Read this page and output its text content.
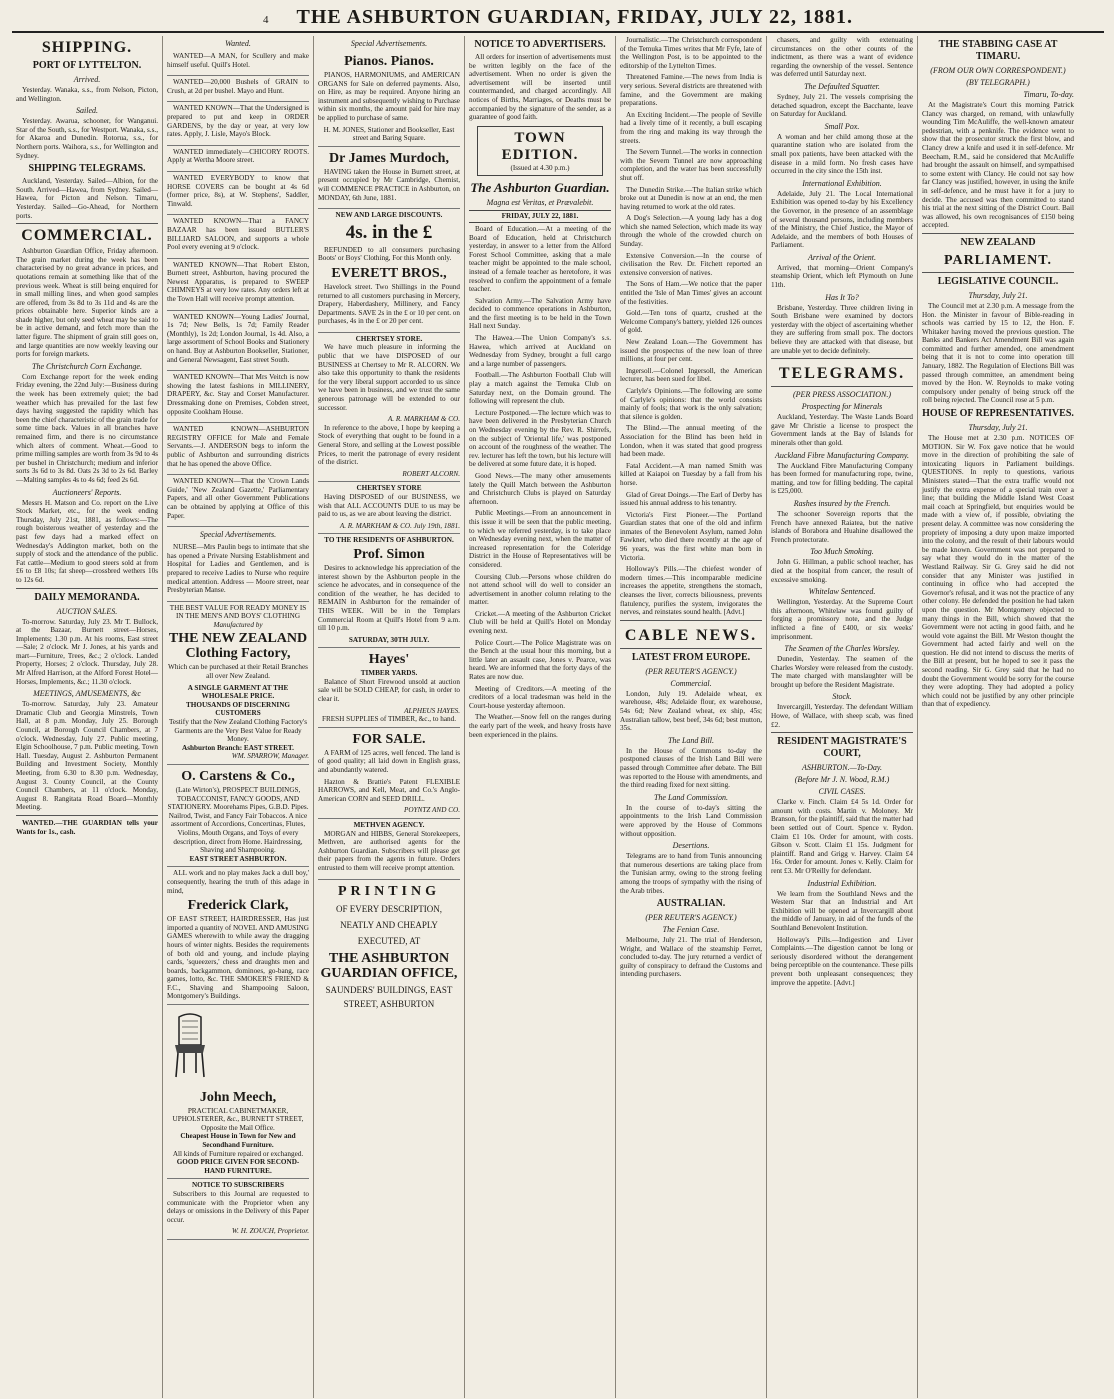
4 THE ASHBURTON GUARDIAN, FRIDAY, JULY 22, 1881.
SHIPPING.
PORT OF LYTTELTON.
Arrived.

Yesterday. Wanaka, s.s., from Nelson, Picton, and Wellington.

Sailed.

Yesterday. Awarua, schooner, for Wanganui. Star of the South, s.s., for Westport. Wanaka, s.s., for Akaroa and Dunedin. Rotorua, s.s., for Northern ports. Waihora, s.s., for Wellington and Sydney.

SHIPPING TELEGRAMS.

Auckland, Yesterday. Sailed—Albion, for the South. Arrived—Hawea, from Sydney. Sailed—Hawea, for Picton and Nelson. Timaru, Yesterday. Sailed—Go-Ahead, for Northern ports.

COMMERCIAL.

Ashburton Guardian Office, Friday afternoon. The grain market during the week has been characterised by no great advance in prices, and quotations remain at something like that of the previous week. Wheat is still being enquired for in small milling lines, and when good samples are offered, from 3s 8d to 3s 11d and 4s are the prices obtainable here. Superior kinds are a shade higher, but only seed wheat may be said to be in active demand, and fetch more than the latter figure. The shipment of grain still goes on, and large quantities are now weekly leaving our ports for foreign markets.

The Christchurch Corn Exchange.

Corn Exchange report for the week ending Friday evening, the 22nd July:—Business during the week has been extremely quiet; the bad weather which has prevailed for the last few days having suggested the rapidity which has been the chief characteristic of the grain trade for some time back. Values in all branches have remained firm, and there is no circumstance which alters of comment. Wheat.—Good to prime milling samples are worth from 3s 9d to 4s per bushel in Christchurch; medium and inferior sorts 3s 6d to 3s 8d. Oats 2s 3d to 2s 6d. Barley—Malting samples 4s to 4s 6d; feed 2s 6d.

Auctioneers' Reports.

Messrs H. Matson and Co. report on the Live Stock Market, etc., for the week ending Thursday, July 21st, 1881, as follows:—The rough boisterous weather of yesterday and the past few days had a marked effect on Wednesday's Addington market, both on the supply of stock and the attendance of the public. Fat cattle—Medium to good steers sold at from £6 to £8 10s; fat sheep—crossbred wethers 10s to 12s 6d.

DAILY MEMORANDA.
AUCTION SALES.

To-morrow. Saturday, July 23. Mr T. Bullock, at the Bazaar, Burnett street—Horses, Implements; 1.30 p.m. At his rooms, East street—Sale; 2 o'clock. Mr J. Jones, at his yards and mart—Furniture, Trees, &c.; 2 o'clock. Landed Property, Horses; 2 o'clock. Thursday, July 28. Mr Alfred Harrison, at the Alford Forest Hotel—Horses, Implements, &c.; 11.30 o'clock.

MEETINGS, AMUSEMENTS, &c

To-morrow. Saturday, July 23. Amateur Dramatic Club and Georgia Minstrels, Town Hall, at 8 p.m. Monday, July 25. Borough Council, at Borough Council Chambers, at 7 o'clock. Wednesday, July 27. Public meeting, Elgin Schoolhouse, 7 p.m. Public meeting, Town Hall. Tuesday, August 2. Ashburton Permanent Building and Investment Society, Monthly Meeting, from 6.30 to 8.30 p.m. Wednesday, August 3. County Council, at the County Council Chambers, at 11 o'clock. Monday, August 8. Rangitata Road Board—Monthly Meeting.

WANTED.—THE GUARDIAN tells your Wants for 1s., cash.

Wanted.

WANTED—A MAN, for Scullery and make himself useful. Quill's Hotel.

WANTED—20,000 Bushels of GRAIN to Crush, at 2d per bushel. Mayo and Hunt.

WANTED KNOWN—That the Undersigned is prepared to put and keep in ORDER GARDENS, by the day or year, at very low rates. Apply, J. Lisle, Mayo's Block.

WANTED immediately—CHICORY ROOTS. Apply at Wertha Moore street.

WANTED EVERYBODY to know that HORSE COVERS can be bought at 4s 6d (former price, 8s), at W. Stephens', Saddler, Tinwald.

WANTED KNOWN—That a FANCY BAZAAR has been issued BUTLER'S BILLIARD SALOON, and supports a whole Pool every evening at 9 o'clock.

WANTED KNOWN—That Robert Elston, Burnett street, Ashburton, having procured the Newest Apparatus, is prepared to SWEEP CHIMNEYS at very low rates. Any orders left at the Town Hall will receive prompt attention.

WANTED KNOWN—Young Ladies' Journal, 1s 7d; New Bells, 1s 7d; Family Reader (Monthly), 1s 2d; London Journal, 1s 4d. Also, a large assortment of School Books and Stationery on hand. Buy at Ashburton Bookseller, Stationer, and General Newsagent, East street South.

WANTED KNOWN—That Mrs Veitch is now showing the latest fashions in MILLINERY, DRAPERY, &c. Stay and Corset Manufacturer. Dressmaking done on Premises, Cobden street, opposite Cookham House.

WANTED KNOWN—ASHBURTON REGISTRY OFFICE for Male and Female Servants.—J. ANDERSON begs to inform the public of Ashburton and surrounding districts that he has opened the above Office.

WANTED KNOWN—That the 'Crown Lands Guide,' 'New Zealand Gazette,' Parliamentary Papers, and all other Government Publications can be obtained by applying at Office of this Paper.

Special Advertisements.

NURSE—Mrs Paulin begs to intimate that she has opened a Private Nursing Establishment and Hospital for Ladies and Gentlemen, and is prepared to receive Ladies to Nurse who require medical attention. Address — Moore street, near Presbyterian Manse.

THE BEST VALUE FOR READY MONEY IS IN THE MEN'S AND BOYS' CLOTHING
Manufactured by
THE NEW ZEALAND Clothing Factory,
Which can be purchased at their Retail Branches all over New Zealand.
A SINGLE GARMENT AT THE WHOLESALE PRICE.
THOUSANDS OF DISCERNING CUSTOMERS
Testify that the New Zealand Clothing Factory's Garments are the Very Best Value for Ready Money.
Ashburton Branch: EAST STREET.
WM. SPARROW, Manager.
O. Carstens & Co.,
(Late Wirton's), PROSPECT BUILDINGS, TOBACCONIST, FANCY GOODS, AND STATIONERY. Moorehams Pipes, G.B.D. Pipes. Nailrod, Twist, and Fancy Fair Tobaccos. A nice assortment of Accordions, Concertinas, Flutes, Violins, Mouth Organs, and Toys of every description, direct from Home. Hairdressing, Shaving and Shampooing.
EAST STREET ASHBURTON.

ALL work and no play makes Jack a dull boy,' consequently, hearing the truth of this adage in mind,

Frederick Clark,
OF EAST STREET, HAIRDRESSER, Has just imported a quantity of NOVEL AND AMUSING GAMES wherewith to while away the dragging hours of winter nights. Besides the requirements of both old and young, and include playing cards, 'squeezers,' chess and draughts men and boards, backgammon, dominoes, go-bang, race games, lotto, &c. THE SMOKER'S FRIEND & F.C., Shaving and Shampooing Saloon, Montgomery's Buildings.
John Meech,
PRACTICAL CABINETMAKER, UPHOLSTERER, &c., BURNETT STREET, Opposite the Mail Office.
Cheapest House in Town for New and Secondhand Furniture.
All kinds of Furniture repaired or exchanged.
GOOD PRICE GIVEN FOR SECOND-HAND FURNITURE.
NOTICE TO SUBSCRIBERS

Subscribers to this Journal are requested to communicate with the Proprietor when any delays or omissions in the Delivery of this Paper occur.

W. H. ZOUCH, Proprietor.
Special Advertisements.
Pianos. Pianos.

PIANOS, HARMONIUMS, and AMERICAN ORGANS for Sale on deferred payments. Also, on Hire, as may be required. Anyone hiring an instrument and subsequently wishing to Purchase within six months, the amount paid for hire may be applied to purchase of same.

H. M. JONES, Stationer and Bookseller, East street and Baring Square.
Dr James Murdoch,

HAVING taken the House in Burnett street, at present occupied by Mr Cambridge, Chemist, will COMMENCE PRACTICE in Ashburton, on MONDAY, 6th June, 1881.

NEW AND LARGE DISCOUNTS.
4s. in the £

REFUNDED to all consumers purchasing Boots' or Boys' Clothing, For this Month only.

EVERETT BROS.,

Havelock street. Two Shillings in the Pound returned to all customers purchasing in Mercery, Drapery, Haberdashery, Millinery, and Fancy Departments. SAVE 2s in the £ or 10 per cent. on purchases, 4s in the £ or 20 per cent.

CHERTSEY STORE.

We have much pleasure in informing the public that we have DISPOSED of our BUSINESS at Chertsey to Mr R. ALCORN. We also take this opportunity to thank the residents for the very liberal support accorded to us since we have been in business, and we trust the same generous patronage will be extended to our successor.

A. R. MARKHAM & CO.

In reference to the above, I hope by keeping a Stock of everything that ought to be found in a General Store, and selling at the Lowest possible Prices, to merit the patronage of every resident of the district.

ROBERT ALCORN.
CHERTSEY STORE

Having DISPOSED of our BUSINESS, we wish that ALL ACCOUNTS DUE to us may be paid to us, as we are about leaving the district.

A. R. MARKHAM & CO. July 19th, 1881.
TO THE RESIDENTS OF ASHBURTON.
Prof. Simon

Desires to acknowledge his appreciation of the interest shown by the Ashburton people in the science he advocates, and in consequence of the condition of the weather, he has decided to REMAIN in Ashburton for the remainder of THIS WEEK. Will be in the Templars Commercial Room at Quill's Hotel from 9 a.m. till 10 p.m.

SATURDAY, 30TH JULY.
Hayes'
TIMBER YARDS.

Balance of Short Firewood unsold at auction sale will be SOLD CHEAP, for cash, in order to clear it.

ALPHEUS HAYES.
FRESH SUPPLIES of TIMBER, &c., to hand.
FOR SALE.

A FARM of 125 acres, well fenced. The land is of good quality; all laid down in English grass, and abundantly watered.

Hazton & Brattie's Patent FLEXIBLE HARROWS, and Kell, Meat, and Co.'s Anglo-American CORN and SEED DRILL.

POYNTZ AND CO.
METHVEN AGENCY.

MORGAN and HIBBS, General Storekeepers, Methven, are authorised agents for the Ashburton Guardian. Subscribers will please get their papers from the agents in future. Orders entrusted to them will receive prompt attention.

PRINTING
OF EVERY DESCRIPTION, NEATLY AND CHEAPLY EXECUTED, AT
THE ASHBURTON GUARDIAN OFFICE,
SAUNDERS' BUILDINGS, EAST STREET, ASHBURTON
NOTICE TO ADVERTISERS.

All orders for insertion of advertisements must be written legibly on the face of the advertisement. When no order is given the advertisement will be inserted until countermanded, and charged accordingly. All notices of Births, Marriages, or Deaths must be accompanied by the signature of the sender, as a guarantee of good faith.

TOWN EDITION.
(Issued at 4.30 p.m.)
The Ashburton Guardian.
Magna est Veritas, et Prævalebit.
FRIDAY, JULY 22, 1881.

Board of Education.—At a meeting of the Board of Education, held at Christchurch yesterday, in answer to a letter from the Alford Forest School Committee, asking that a male teacher might be appointed to the male school, instead of a female teacher as heretofore, it was resolved to confirm the appointment of a female teacher.

Salvation Army.—The Salvation Army have decided to commence operations in Ashburton, and the first meeting is to be held in the Town Hall next Sunday.

The Hawea.—The Union Company's s.s. Hawea, which arrived at Auckland on Wednesday from Sydney, brought a full cargo and a large number of passengers.

Football.—The Ashburton Football Club will play a match against the Temuka Club on Saturday next, on the Domain ground. The following will represent the club.

Lecture Postponed.—The lecture which was to have been delivered in the Presbyterian Church on Wednesday evening by the Rev. R. Shirrefs, on the subject of 'Oriental life,' was postponed on account of the roughness of the weather. The rev. lecturer has left the town, but his lecture will be delivered at some future date, it is hoped.

Good News.—The many other amusements lately the Quill Match between the Ashburton and Christchurch Clubs is played on Saturday afternoon.

Public Meetings.—From an announcement in this issue it will be seen that the public meeting, to which we referred yesterday, is to take place on Wednesday evening next, when the matter of increased representation for the Coleridge District in the House of Representatives will be considered.

Coursing Club.—Persons whose children do not attend school will do well to consider an advertisement in another column relating to the matter.

Cricket.—A meeting of the Ashburton Cricket Club will be held at Quill's Hotel on Monday evening next.

Police Court.—The Police Magistrate was on the Bench at the usual hour this morning, but a little later an assault case, Jones v. Pearce, was heard. We are informed that the forty days of the Rates are now due.

Meeting of Creditors.—A meeting of the creditors of a local tradesman was held in the Court-house yesterday afternoon.

The Weather.—Snow fell on the ranges during the early part of the week, and heavy frosts have been experienced in the plains.

Journalistic.—The Christchurch correspondent of the Temuka Times writes that Mr Fyfe, late of the Wellington Post, is to be appointed to the editorship of the Lyttelton Times.

Threatened Famine.—The news from India is very serious. Several districts are threatened with famine, and the Government are making preparations.

An Exciting Incident.—The people of Seville had a lively time of it recently, a bull escaping from the ring and making its way through the streets.

The Severn Tunnel.—The works in connection with the Severn Tunnel are now approaching completion, and the water has been successfully shut off.

The Dunedin Strike.—The Italian strike which broke out at Dunedin is now at an end, the men having returned to work at the old rates.

A Dog's Selection.—A young lady has a dog which she named Selection, which made its way through the whole of the crowded church on Sunday.

Extensive Conversion.—In the course of civilisation the Rev. Dr. Fitchett reported an extensive conversion of natives.

The Sons of Ham.—We notice that the paper entitled the 'Isle of Man Times' gives an account of the festivities.

Gold.—Ten tons of quartz, crushed at the Welcome Company's battery, yielded 126 ounces of gold.

New Zealand Loan.—The Government has issued the prospectus of the new loan of three millions, at four per cent.

Ingersoll.—Colonel Ingersoll, the American lecturer, has been sued for libel.

Carlyle's Opinions.—The following are some of Carlyle's opinions: that the world consists mainly of fools; that work is the only salvation; that silence is golden.

The Blind.—The annual meeting of the Association for the Blind has been held in London, when it was stated that good progress had been made.

Fatal Accident.—A man named Smith was killed at Kaiapoi on Tuesday by a fall from his horse.

Glad of Great Doings.—The Earl of Derby has issued his annual address to his tenantry.

Victoria's First Pioneer.—The Portland Guardian states that one of the old and infirm inmates of the Benevolent Asylum, named John Fawkner, who died there recently at the age of 96 years, was the first white man born in Victoria.

Holloway's Pills.—The chiefest wonder of modern times.—This incomparable medicine increases the appetite, strengthens the stomach, cleanses the liver, corrects biliousness, prevents flatulency, purifies the system, invigorates the nerves, and reinstates sound health. [Advt.]

CABLE NEWS.
LATEST FROM EUROPE.
(PER REUTER'S AGENCY.)
Commercial.

London, July 19. Adelaide wheat, ex warehouse, 48s; Adelaide flour, ex warehouse, 54s 6d; New Zealand wheat, ex ship, 45s; Australian tallow, best beef, 34s 6d; best mutton, 35s.

The Land Bill.

In the House of Commons to-day the postponed clauses of the Irish Land Bill were passed through Committee after debate. The Bill was reported to the House with amendments, and the third reading fixed for next sitting.

The Land Commission.

In the course of to-day's sitting the appointments to the Irish Land Commission were approved by the House of Commons without opposition.

Desertions.

Telegrams are to hand from Tunis announcing that numerous desertions are taking place from the Tunisian army, owing to the strong feeling among the troops of sympathy with the rising of the Arab tribes.

AUSTRALIAN.
(PER REUTER'S AGENCY.)
The Fenian Case.

Melbourne, July 21. The trial of Henderson, Wright, and Wallace of the steamship Ferret, concluded to-day. The jury returned a verdict of guilty of conspiracy to defraud the Customs and intending purchasers.

chasers, and guilty with extenuating circumstances on the other counts of the indictment, as there was a want of evidence regarding the ownership of the vessel. Sentence was deferred until Saturday next.

The Defaulted Squatter.

Sydney, July 21. The vessels comprising the detached squadron, except the Bacchante, leave on Saturday for Auckland.

Small Pox.

A woman and her child among those at the quarantine station who are isolated from the small pox patients, have been attacked with the disease in a mild form. No fresh cases have occurred in the city since the 15th inst.

International Exhibition.

Adelaide, July 21. The Local International Exhibition was opened to-day by his Excellency the Governor, in the presence of an assemblage of several thousand persons, including members of the Ministry, the Chief Justice, the Mayor of Adelaide, and the members of both Houses of Parliament.

Arrival of the Orient.

Arrived, that morning—Orient Company's steamship Orient, which left Plymouth on June 11th.

Has It To?

Brisbane, Yesterday. Three children living in South Brisbane were examined by doctors yesterday with the object of ascertaining whether they are suffering from small pox. The doctors believe they are attacked with that disease, but are unable yet to decide definitely.

TELEGRAMS.
(PER PRESS ASSOCIATION.)
Prospecting for Minerals

Auckland, Yesterday. The Waste Lands Board gave Mr Christie a license to prospect the Government lands at the Bay of Islands for minerals other than gold.

Auckland Fibre Manufacturing Company.

The Auckland Fibre Manufacturing Company has been formed for manufacturing rope, twine, matting, and tow for filling bedding. The capital is £25,000.

Rashes insured by the French.

The schooner Sovereign reports that the French have annexed Raiatea, but the native islands of Borabora and Huahine disallowed the French protectorate.

Too Much Smoking.

John G. Hillman, a public school teacher, has died at the hospital from cancer, the result of excessive smoking.

Whitelaw Sentenced.

Wellington, Yesterday. At the Supreme Court this afternoon, Whitelaw was found guilty of forging a promissory note, and the Judge inflicted a fine of £400, or six weeks' imprisonment.

The Seamen of the Charles Worsley.

Dunedin, Yesterday. The seamen of the Charles Worsley were released from the custody. The mate charged with manslaughter will be brought up before the Resident Magistrate.

Stock.

Invercargill, Yesterday. The defendant William Howe, of Wallace, with sheep scab, was fined £2.

RESIDENT MAGISTRATE'S COURT,
ASHBURTON.—To-Day.
(Before Mr J. N. Wood, R.M.)
CIVIL CASES.

Clarke v. Finch. Claim £4 5s 1d. Order for amount with costs. Martin v. Moloney. Mr Branson, for the plaintiff, said that the matter had been settled out of Court. Spence v. Rydon. Claim £1 10s. Order for amount, with costs. Gibson v. Scott. Claim £1 15s. Judgment for plaintiff. Rand and Grigg v. Harvey. Claim £4 16s. Order for amount. Jones v. Kelly. Claim for rent £3. Mr O'Reilly for defendant.

Industrial Exhibition.

We learn from the Southland News and the Western Star that an Industrial and Art Exhibition will be opened at Invercargill about the middle of January, in aid of the funds of the Southland Benevolent Institution.

Holloway's Pills.—Indigestion and Liver Complaints.—The digestion cannot be long or seriously disordered without the derangement being perceptible on the countenance. These pills prevent both unpleasant consequences; they improve the appetite. [Advt.]

THE STABBING CASE AT TIMARU.
(FROM OUR OWN CORRESPONDENT.)
(BY TELEGRAPH.)
Timaru, To-day.

At the Magistrate's Court this morning Patrick Clancy was charged, on remand, with unlawfully wounding Tim McAuliffe, the well-known amateur pedestrian, with a penknife. The evidence went to show that the prosecutor struck the first blow, and Clancy drew a knife and used it in self-defence. Mr Beecham, R.M., said he considered that McAuliffe had brought the assault on himself, and sympathised to some extent with Clancy. He could not say how far Clancy was justified, however, in using the knife in self-defence, and he must have it for a jury to decide. The accused was then committed to stand his trial at the next sitting of the District Court. Bail was allowed, his own recognisances of £150 being accepted.

NEW ZEALAND
PARLIAMENT.
LEGISLATIVE COUNCIL.
Thursday, July 21.

The Council met at 2.30 p.m. A message from the Hon. the Minister in favour of Bible-reading in schools was carried by 15 to 12, the Hon. F. Whitaker having moved the previous question. The Banks and Bankers Act Amendment Bill was again committed and further amended, one amendment being that it is not to come into operation till January, 1882. The Regulation of Elections Bill was passed through committee, an amendment being moved by the Hon. W. Reynolds to make voting compulsory under penalty of being struck off the roll being rejected. The Council rose at 5 p.m.

HOUSE OF REPRESENTATIVES.
Thursday, July 21.

The House met at 2.30 p.m. NOTICES OF MOTION. Sir W. Fox gave notice that he would move in the direction of prohibiting the sale of intoxicating liquors in Parliament buildings. QUESTIONS. In reply to questions, various Ministers stated—That the extra traffic would not justify the extra expense of a special train over a line; that building the Middle Island West Coast mail coach at Springfield, but enquiries would be made with a view of, if possible, obviating the present delay. A committee was now considering the propriety of imposing a duty upon maize imported into the colony, and the result of their labours would be made known. Government was not prepared to say what they would do in the matter of the Westland Railway. Sir G. Grey said he did not consider that any Minister was justified in continuing in office who had accepted the Governor's refusal, and it was not the practice of any other colony. He defended the position he had taken upon the question. Mr Montgomery objected to many things in the Bill, which showed that the Government were not acting in good faith, and he would vote against the Bill. Mr Weston thought the Government had acted fairly and well on the question. He did not intend to discuss the merits of the Bill at present, but he hoped to see it pass the second reading. Sir G. Grey said that he had no doubt the Government would be sorry for the course they were adopting. They had adopted a policy which could not be justified by any other principle than that of expediency.
